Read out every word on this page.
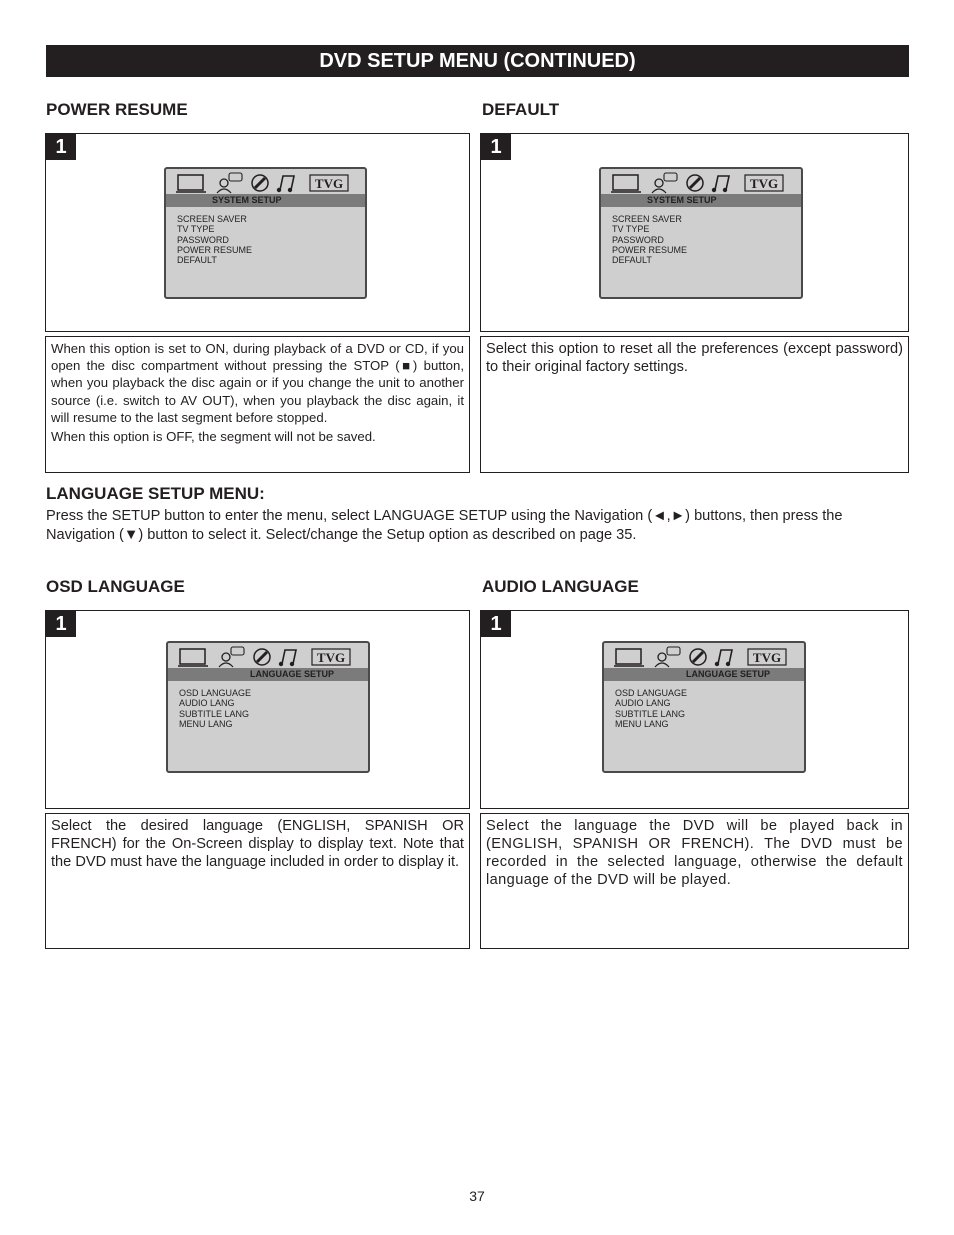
DVD SETUP MENU (CONTINUED)
POWER RESUME
1
TVG
SYSTEM SETUP
SCREEN SAVER
TV TYPE
PASSWORD
POWER RESUME
DEFAULT

When this option is set to ON, during playback of a DVD or CD, if you open the disc compartment without pressing the STOP (■) button, when you playback the disc again or if you change the unit to another source (i.e. switch to AV OUT), when you playback the disc again, it will resume to the last segment before stopped.

When this option is OFF, the segment will not be saved.

DEFAULT
1
TVG
SYSTEM SETUP
SCREEN SAVER
TV TYPE
PASSWORD
POWER RESUME
DEFAULT

Select this option to reset all the preferences (except password) to their original factory settings.

LANGUAGE SETUP MENU:

Press the SETUP button to enter the menu, select LANGUAGE SETUP using the Navigation (◄,►) buttons, then press the Navigation (▼) button to select it. Select/change the Setup option as described on page 35.

OSD LANGUAGE
1
TVG
LANGUAGE SETUP
OSD LANGUAGE
AUDIO LANG
SUBTITLE LANG
MENU LANG

Select the desired language (ENGLISH, SPANISH OR FRENCH) for the On-Screen display to display text. Note that the DVD must have the language included in order to display it.

AUDIO LANGUAGE
1
TVG
LANGUAGE SETUP
OSD LANGUAGE
AUDIO LANG
SUBTITLE LANG
MENU LANG

Select the language the DVD will be played back in (ENGLISH, SPANISH OR FRENCH). The DVD must be recorded in the selected language, otherwise the default language of the DVD will be played.

37
